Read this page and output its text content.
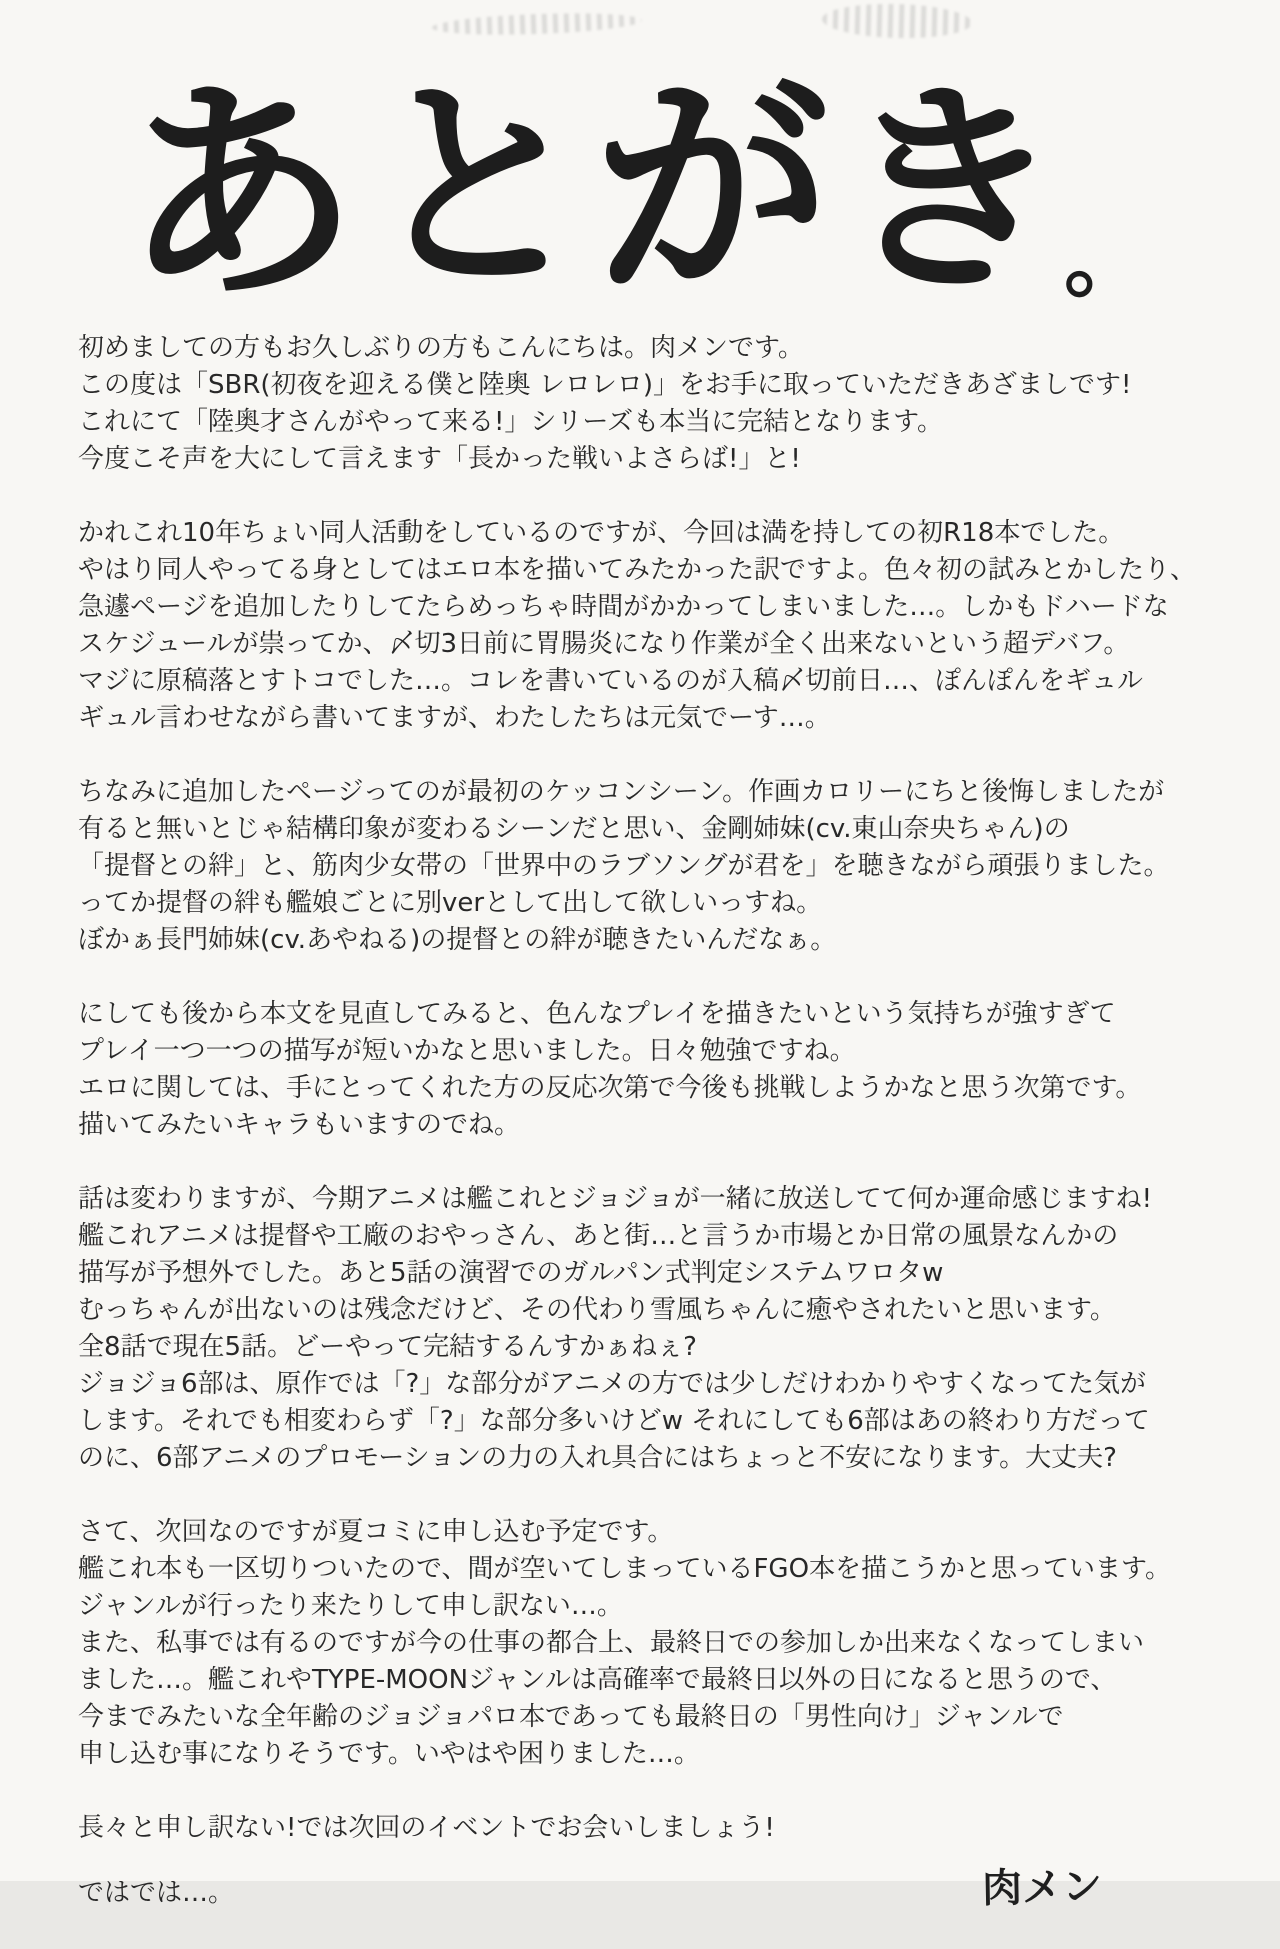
あ
と
が
き
。
初めましての方もお久しぶりの方もこんにちは。肉メンです。
この度は「SBR(初夜を迎える僕と陸奥 レロレロ)」をお手に取っていただきあざましです!
これにて「陸奥才さんがやって来る!」シリーズも本当に完結となります。
今度こそ声を大にして言えます「長かった戦いよさらば!」と!
かれこれ10年ちょい同人活動をしているのですが、今回は満を持しての初R18本でした。
やはり同人やってる身としてはエロ本を描いてみたかった訳ですよ。色々初の試みとかしたり、
急遽ページを追加したりしてたらめっちゃ時間がかかってしまいました…。しかもドハードな
スケジュールが祟ってか、〆切3日前に胃腸炎になり作業が全く出来ないという超デバフ。
マジに原稿落とすトコでした…。コレを書いているのが入稿〆切前日…、ぽんぽんをギュル
ギュル言わせながら書いてますが、わたしたちは元気でーす…。
ちなみに追加したページってのが最初のケッコンシーン。作画カロリーにちと後悔しましたが
有ると無いとじゃ結構印象が変わるシーンだと思い、金剛姉妹(cv.東山奈央ちゃん)の
「提督との絆」と、筋肉少女帯の「世界中のラブソングが君を」を聴きながら頑張りました。
ってか提督の絆も艦娘ごとに別verとして出して欲しいっすね。
ぼかぁ長門姉妹(cv.あやねる)の提督との絆が聴きたいんだなぁ。
にしても後から本文を見直してみると、色んなプレイを描きたいという気持ちが強すぎて
プレイ一つ一つの描写が短いかなと思いました。日々勉強ですね。
エロに関しては、手にとってくれた方の反応次第で今後も挑戦しようかなと思う次第です。
描いてみたいキャラもいますのでね。
話は変わりますが、今期アニメは艦これとジョジョが一緒に放送してて何か運命感じますね!
艦これアニメは提督や工廠のおやっさん、あと街…と言うか市場とか日常の風景なんかの
描写が予想外でした。あと5話の演習でのガルパン式判定システムワロタw
むっちゃんが出ないのは残念だけど、その代わり雪風ちゃんに癒やされたいと思います。
全8話で現在5話。どーやって完結するんすかぁねぇ?
ジョジョ6部は、原作では「?」な部分がアニメの方では少しだけわかりやすくなってた気が
します。それでも相変わらず「?」な部分多いけどw それにしても6部はあの終わり方だって
のに、6部アニメのプロモーションの力の入れ具合にはちょっと不安になります。大丈夫?
さて、次回なのですが夏コミに申し込む予定です。
艦これ本も一区切りついたので、間が空いてしまっているFGO本を描こうかと思っています。
ジャンルが行ったり来たりして申し訳ない…。
また、私事では有るのですが今の仕事の都合上、最終日での参加しか出来なくなってしまい
ました…。艦これやTYPE-MOONジャンルは高確率で最終日以外の日になると思うので、
今までみたいな全年齢のジョジョパロ本であっても最終日の「男性向け」ジャンルで
申し込む事になりそうです。いやはや困りました…。
長々と申し訳ない!では次回のイベントでお会いしましょう!
ではでは…。	肉メン
